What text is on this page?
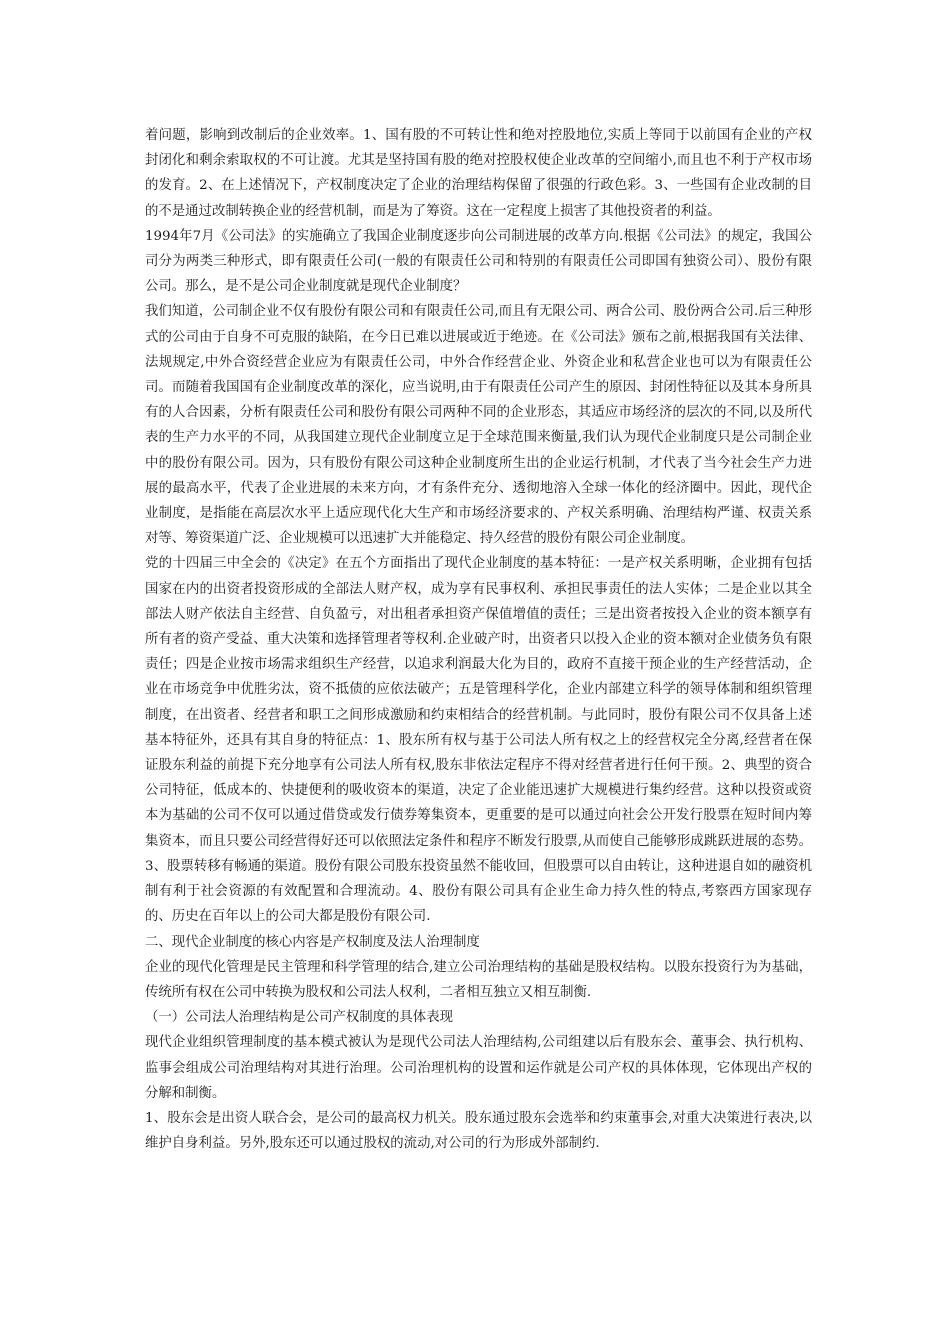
着问题，影响到改制后的企业效率。1、国有股的不可转让性和绝对控股地位,实质上等同于以前国有企业的产权封闭化和剩余索取权的不可让渡。尤其是坚持国有股的绝对控股权使企业改革的空间缩小,而且也不利于产权市场的发育。2、在上述情况下，产权制度决定了企业的治理结构保留了很强的行政色彩。3、一些国有企业改制的目的不是通过改制转换企业的经营机制，而是为了筹资。这在一定程度上损害了其他投资者的利益。

1994年7月《公司法》的实施确立了我国企业制度逐步向公司制进展的改革方向.根据《公司法》的规定，我国公司分为两类三种形式，即有限责任公司(一般的有限责任公司和特别的有限责任公司即国有独资公司）、股份有限公司。那么，是不是公司企业制度就是现代企业制度？

我们知道，公司制企业不仅有股份有限公司和有限责任公司,而且有无限公司、两合公司、股份两合公司.后三种形式的公司由于自身不可克服的缺陷，在今日已难以进展或近于绝迹。在《公司法》颁布之前,根据我国有关法律、法规规定,中外合资经营企业应为有限责任公司，中外合作经营企业、外资企业和私营企业也可以为有限责任公司。而随着我国国有企业制度改革的深化，应当说明,由于有限责任公司产生的原因、封闭性特征以及其本身所具有的人合因素，分析有限责任公司和股份有限公司两种不同的企业形态，其适应市场经济的层次的不同,以及所代表的生产力水平的不同，从我国建立现代企业制度立足于全球范围来衡量,我们认为现代企业制度只是公司制企业中的股份有限公司。因为，只有股份有限公司这种企业制度所生出的企业运行机制，才代表了当今社会生产力进展的最高水平，代表了企业进展的未来方向，才有条件充分、透彻地溶入全球一体化的经济圈中。因此，现代企业制度，是指能在高层次水平上适应现代化大生产和市场经济要求的、产权关系明确、治理结构严谨、权责关系对等、筹资渠道广泛、企业规模可以迅速扩大并能稳定、持久经营的股份有限公司企业制度。

党的十四届三中全会的《决定》在五个方面指出了现代企业制度的基本特征：一是产权关系明晰，企业拥有包括国家在内的出资者投资形成的全部法人财产权，成为享有民事权利、承担民事责任的法人实体；二是企业以其全部法人财产依法自主经营、自负盈亏，对出租者承担资产保值增值的责任；三是出资者按投入企业的资本额享有所有者的资产受益、重大决策和选择管理者等权利.企业破产时，出资者只以投入企业的资本额对企业债务负有限责任；四是企业按市场需求组织生产经营，以追求利润最大化为目的，政府不直接干预企业的生产经营活动，企业在市场竞争中优胜劣汰，资不抵债的应依法破产；五是管理科学化，企业内部建立科学的领导体制和组织管理制度，在出资者、经营者和职工之间形成激励和约束相结合的经营机制。与此同时，股份有限公司不仅具备上述基本特征外，还具有其自身的特征点：1、股东所有权与基于公司法人所有权之上的经营权完全分离,经营者在保证股东利益的前提下充分地享有公司法人所有权,股东非依法定程序不得对经营者进行任何干预。2、典型的资合公司特征，低成本的、快捷便利的吸收资本的渠道，决定了企业能迅速扩大规模进行集约经营。这种以投资或资本为基础的公司不仅可以通过借贷或发行债券筹集资本，更重要的是可以通过向社会公开发行股票在短时间内筹集资本，而且只要公司经营得好还可以依照法定条件和程序不断发行股票,从而使自己能够形成跳跃进展的态势。3、股票转移有畅通的渠道。股份有限公司股东投资虽然不能收回，但股票可以自由转让，这种进退自如的融资机制有利于社会资源的有效配置和合理流动。4、股份有限公司具有企业生命力持久性的特点,考察西方国家现存的、历史在百年以上的公司大都是股份有限公司.

二、现代企业制度的核心内容是产权制度及法人治理制度

企业的现代化管理是民主管理和科学管理的结合,建立公司治理结构的基础是股权结构。以股东投资行为为基础，传统所有权在公司中转换为股权和公司法人权利，二者相互独立又相互制衡.

（一）公司法人治理结构是公司产权制度的具体表现

现代企业组织管理制度的基本模式被认为是现代公司法人治理结构,公司组建以后有股东会、董事会、执行机构、监事会组成公司治理结构对其进行治理。公司治理机构的设置和运作就是公司产权的具体体现，它体现出产权的分解和制衡。

1、股东会是出资人联合会，是公司的最高权力机关。股东通过股东会选举和约束董事会,对重大决策进行表决,以维护自身利益。另外,股东还可以通过股权的流动,对公司的行为形成外部制约.
